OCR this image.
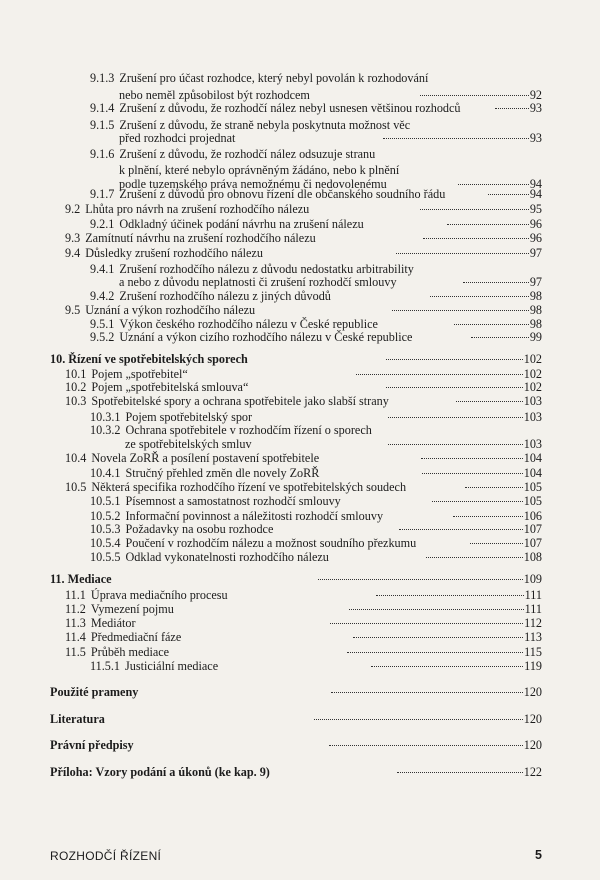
9.1.3 Zrušení pro účast rozhodce, který nebyl povolán k rozhodování
nebo neměl způsobilost být rozhodcem	92
9.1.4 Zrušení z důvodu, že rozhodčí nález nebyl usnesen většinou rozhodců	93
9.1.5 Zrušení z důvodu, že straně nebyla poskytnuta možnost věc
před rozhodci projednat	93
9.1.6 Zrušení z důvodu, že rozhodčí nález odsuzuje stranu
k plnění, které nebylo oprávněným žádáno, nebo k plnění
podle tuzemského práva nemožnému či nedovolenému	94
9.1.7 Zrušení z důvodů pro obnovu řízení dle občanského soudního řádu	94
9.2 Lhůta pro návrh na zrušení rozhodčího nálezu	95
9.2.1 Odkladný účinek podání návrhu na zrušení nálezu	96
9.3 Zamítnutí návrhu na zrušení rozhodčího nálezu	96
9.4 Důsledky zrušení rozhodčího nálezu	97
9.4.1 Zrušení rozhodčího nálezu z důvodu nedostatku arbitrability
a nebo z důvodu neplatnosti či zrušení rozhodčí smlouvy	97
9.4.2 Zrušení rozhodčího nálezu z jiných důvodů	98
9.5 Uznání a výkon rozhodčího nálezu	98
9.5.1 Výkon českého rozhodčího nálezu v České republice	98
9.5.2 Uznání a výkon cizího rozhodčího nálezu v České republice	99
10. Řízení ve spotřebitelských sporech	102
10.1 Pojem „spotřebitel“	102
10.2 Pojem „spotřebitelská smlouva“	102
10.3 Spotřebitelské spory a ochrana spotřebitele jako slabší strany	103
10.3.1 Pojem spotřebitelský spor	103
10.3.2 Ochrana spotřebitele v rozhodčím řízení o sporech
ze spotřebitelských smluv	103
10.4 Novela ZoRŘ a posílení postavení spotřebitele	104
10.4.1 Stručný přehled změn dle novely ZoRŘ	104
10.5 Některá specifika rozhodčího řízení ve spotřebitelských soudech	105
10.5.1 Písemnost a samostatnost rozhodčí smlouvy	105
10.5.2 Informační povinnost a náležitosti rozhodčí smlouvy	106
10.5.3 Požadavky na osobu rozhodce	107
10.5.4 Poučení v rozhodčím nálezu a možnost soudního přezkumu	107
10.5.5 Odklad vykonatelnosti rozhodčího nálezu	108
11. Mediace	109
11.1 Úprava mediačního procesu	111
11.2 Vymezení pojmu	111
11.3 Mediátor	112
11.4 Předmediační fáze	113
11.5 Průběh mediace	115
11.5.1 Justiciální mediace	119
Použité prameny	120
Literatura	120
Právní předpisy	120
Příloha: Vzory podání a úkonů (ke kap. 9)	122
ROZHODČÍ ŘÍZENÍ	5
